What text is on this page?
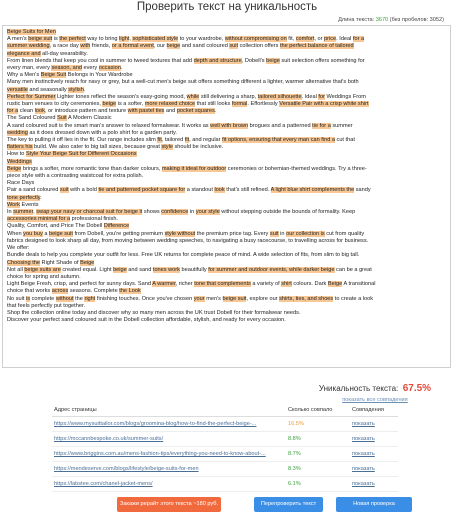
Проверить текст на уникальность
Длина текста: 3670 (без пробелов: 3052)
Beige Suits for Men
A men's beige suit is the perfect way to bring light, sophisticated style to your wardrobe, without compromising on fit, comfort, or price. Ideal for a
summer wedding, a race day with friends, or a formal event, our beige and sand coloured suit collection offers the perfect balance of tailored
elegance and all-day wearability.
From linen blends that keep you cool in summer to tweed textures that add depth and structure, Dobell's beige suit selection offers something for
every man, every season, and every occasion.
Why a Men's Beige Suit Belongs in Your Wardrobe
Many men instinctively reach for navy or grey, but a well-cut men's beige suit offers something different a lighter, warmer alternative that's both
versatile and seasonally stylish.
Perfect for Summer Lighter tones reflect the season's easy-going mood, while still delivering a sharp, tailored silhouette. Ideal for Weddings From
rustic barn venues to city ceremonies, beige is a softer, more relaxed choice that still looks formal. Effortlessly Versatile Pair with a crisp white shirt
for a clean look, or introduce pattern and texture with pastel ties and pocket squares.
The Sand Coloured Suit A Modern Classic
A sand coloured suit is the smart man's answer to relaxed formalwear. It works as well with brown brogues and a patterned tie for a summer
wedding as it does dressed down with a polo shirt for a garden party.
The key to pulling it off lies in the fit. Our range includes slim fit, tailored fit, and regular fit options, ensuring that every man can find a cut that
flatters his build. We also cater to big tall sizes, because great style should be inclusive.
How to Style Your Beige Suit for Different Occasions
Weddings
Beige brings a softer, more romantic tone than darker colours, making it ideal for outdoor ceremonies or bohemian-themed weddings. Try a three-
piece style with a contrasting waistcoat for extra polish.
Race Days
Pair a sand coloured suit with a bold tie and patterned pocket square for a standout look that's still refined. A light blue shirt complements the sandy
tone perfectly.
Work Events
In summer, swap your navy or charcoal suit for beige it shows confidence in your style without stepping outside the bounds of formality. Keep
accessories minimal for a professional finish.
Quality, Comfort, and Price The Dobell Difference
When you buy a beige suit from Dobell, you're getting premium style without the premium price tag. Every suit in our collection is cut from quality
fabrics designed to look sharp all day, from moving between wedding speeches, to navigating a busy racecourse, to travelling across for business.
We offer:
Bundle deals to help you complete your outfit for less. Free UK returns for complete peace of mind. A wide selection of fits, from slim to big tall.
Choosing the Right Shade of Beige
Not all beige suits are created equal. Light beige and sand tones work beautifully for summer and outdoor events, while darker beige can be a great
choice for spring and autumn.
Light Beige Fresh, crisp, and perfect for sunny days. Sand A warmer, richer tone that complements a variety of shirt colours. Dark Beige A transitional
choice that works across seasons. Complete the Look
No suit is complete without the right finishing touches. Once you've chosen your men's beige suit, explore our shirts, ties, and shoes to create a look
that feels perfectly put together.
Shop the collection online today and discover why so many men across the UK trust Dobell for their formalwear needs.
Discover your perfect sand coloured suit in the Dobell collection affordable, stylish, and ready for every occasion.
Уникальность текста: 67.5%
показать все совпадения
Адрес страницы	Сколько совпало	Совпадения
https://www.mysuittailor.com/blogs/groomina-blog/how-to-find-the-perfect-beige-...	16.5%	показать
https://mccannbespoke.co.uk/summer-suits/	8.8%	показать
https://www.briggins.com.au/mens-fashion-tips/everything-you-need-to-know-about-...	8.7%	показать
https://mendeserve.com/blogs/lifestyle/beige-suits-for-men	8.3%	показать
https://labstee.com/chanel-jacket-mens/	6.1%	показать
Закажи рерайт этого текста ~180 руб.	Перепроверить текст	Новая проверка
